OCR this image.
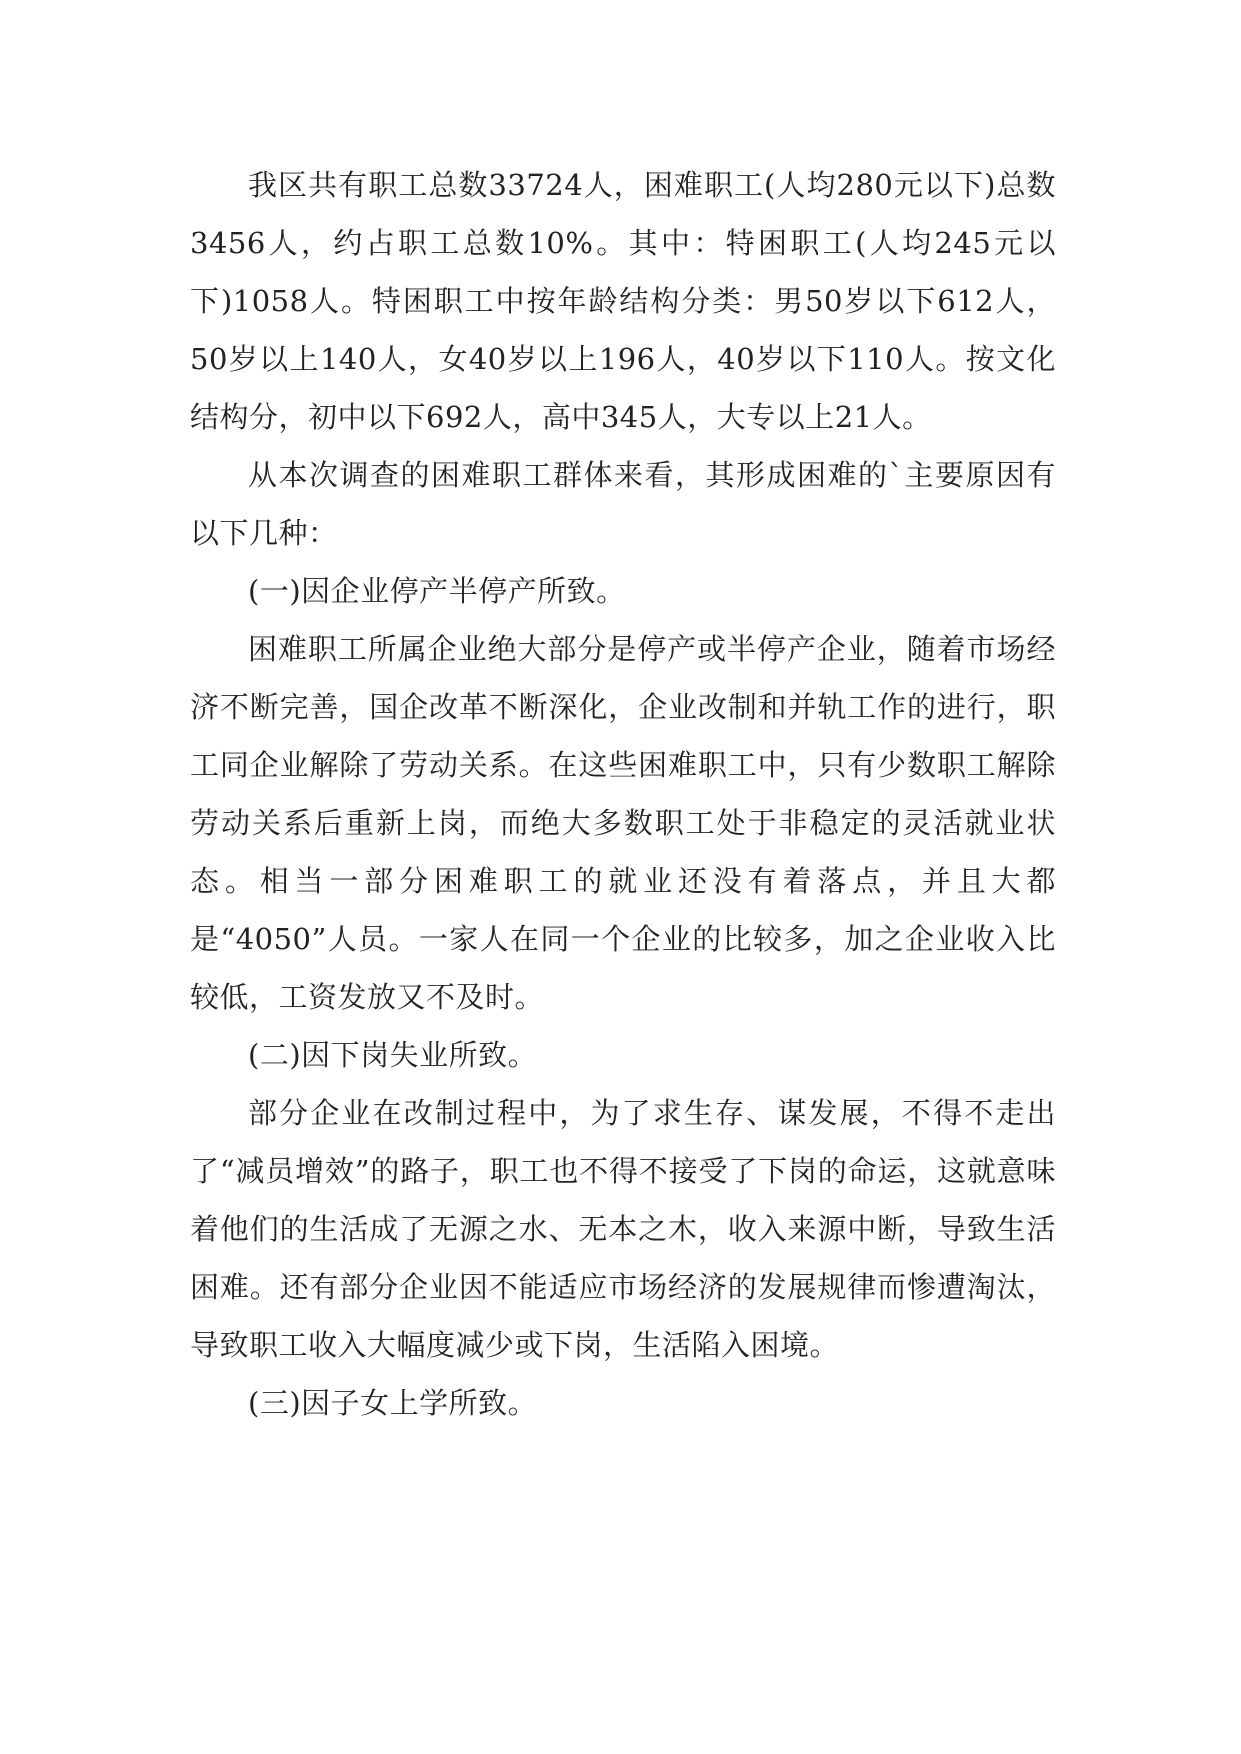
我区共有职工总数33724人，困难职工(人均280元以下)总数3456人，约占职工总数10%。其中：特困职工(人均245元以下)1058人。特困职工中按年龄结构分类：男50岁以下612人，50岁以上140人，女40岁以上196人，40岁以下110人。按文化结构分，初中以下692人，高中345人，大专以上21人。

从本次调查的困难职工群体来看，其形成困难的`主要原因有以下几种：

(一)因企业停产半停产所致。

困难职工所属企业绝大部分是停产或半停产企业，随着市场经济不断完善，国企改革不断深化，企业改制和并轨工作的进行，职工同企业解除了劳动关系。在这些困难职工中，只有少数职工解除劳动关系后重新上岗，而绝大多数职工处于非稳定的灵活就业状态。相当一部分困难职工的就业还没有着落点，并且大都是“4050”人员。一家人在同一个企业的比较多，加之企业收入比较低，工资发放又不及时。

(二)因下岗失业所致。

部分企业在改制过程中，为了求生存、谋发展，不得不走出了“减员增效”的路子，职工也不得不接受了下岗的命运，这就意味着他们的生活成了无源之水、无本之木，收入来源中断，导致生活困难。还有部分企业因不能适应市场经济的发展规律而惨遭淘汰，导致职工收入大幅度减少或下岗，生活陷入困境。

(三)因子女上学所致。
